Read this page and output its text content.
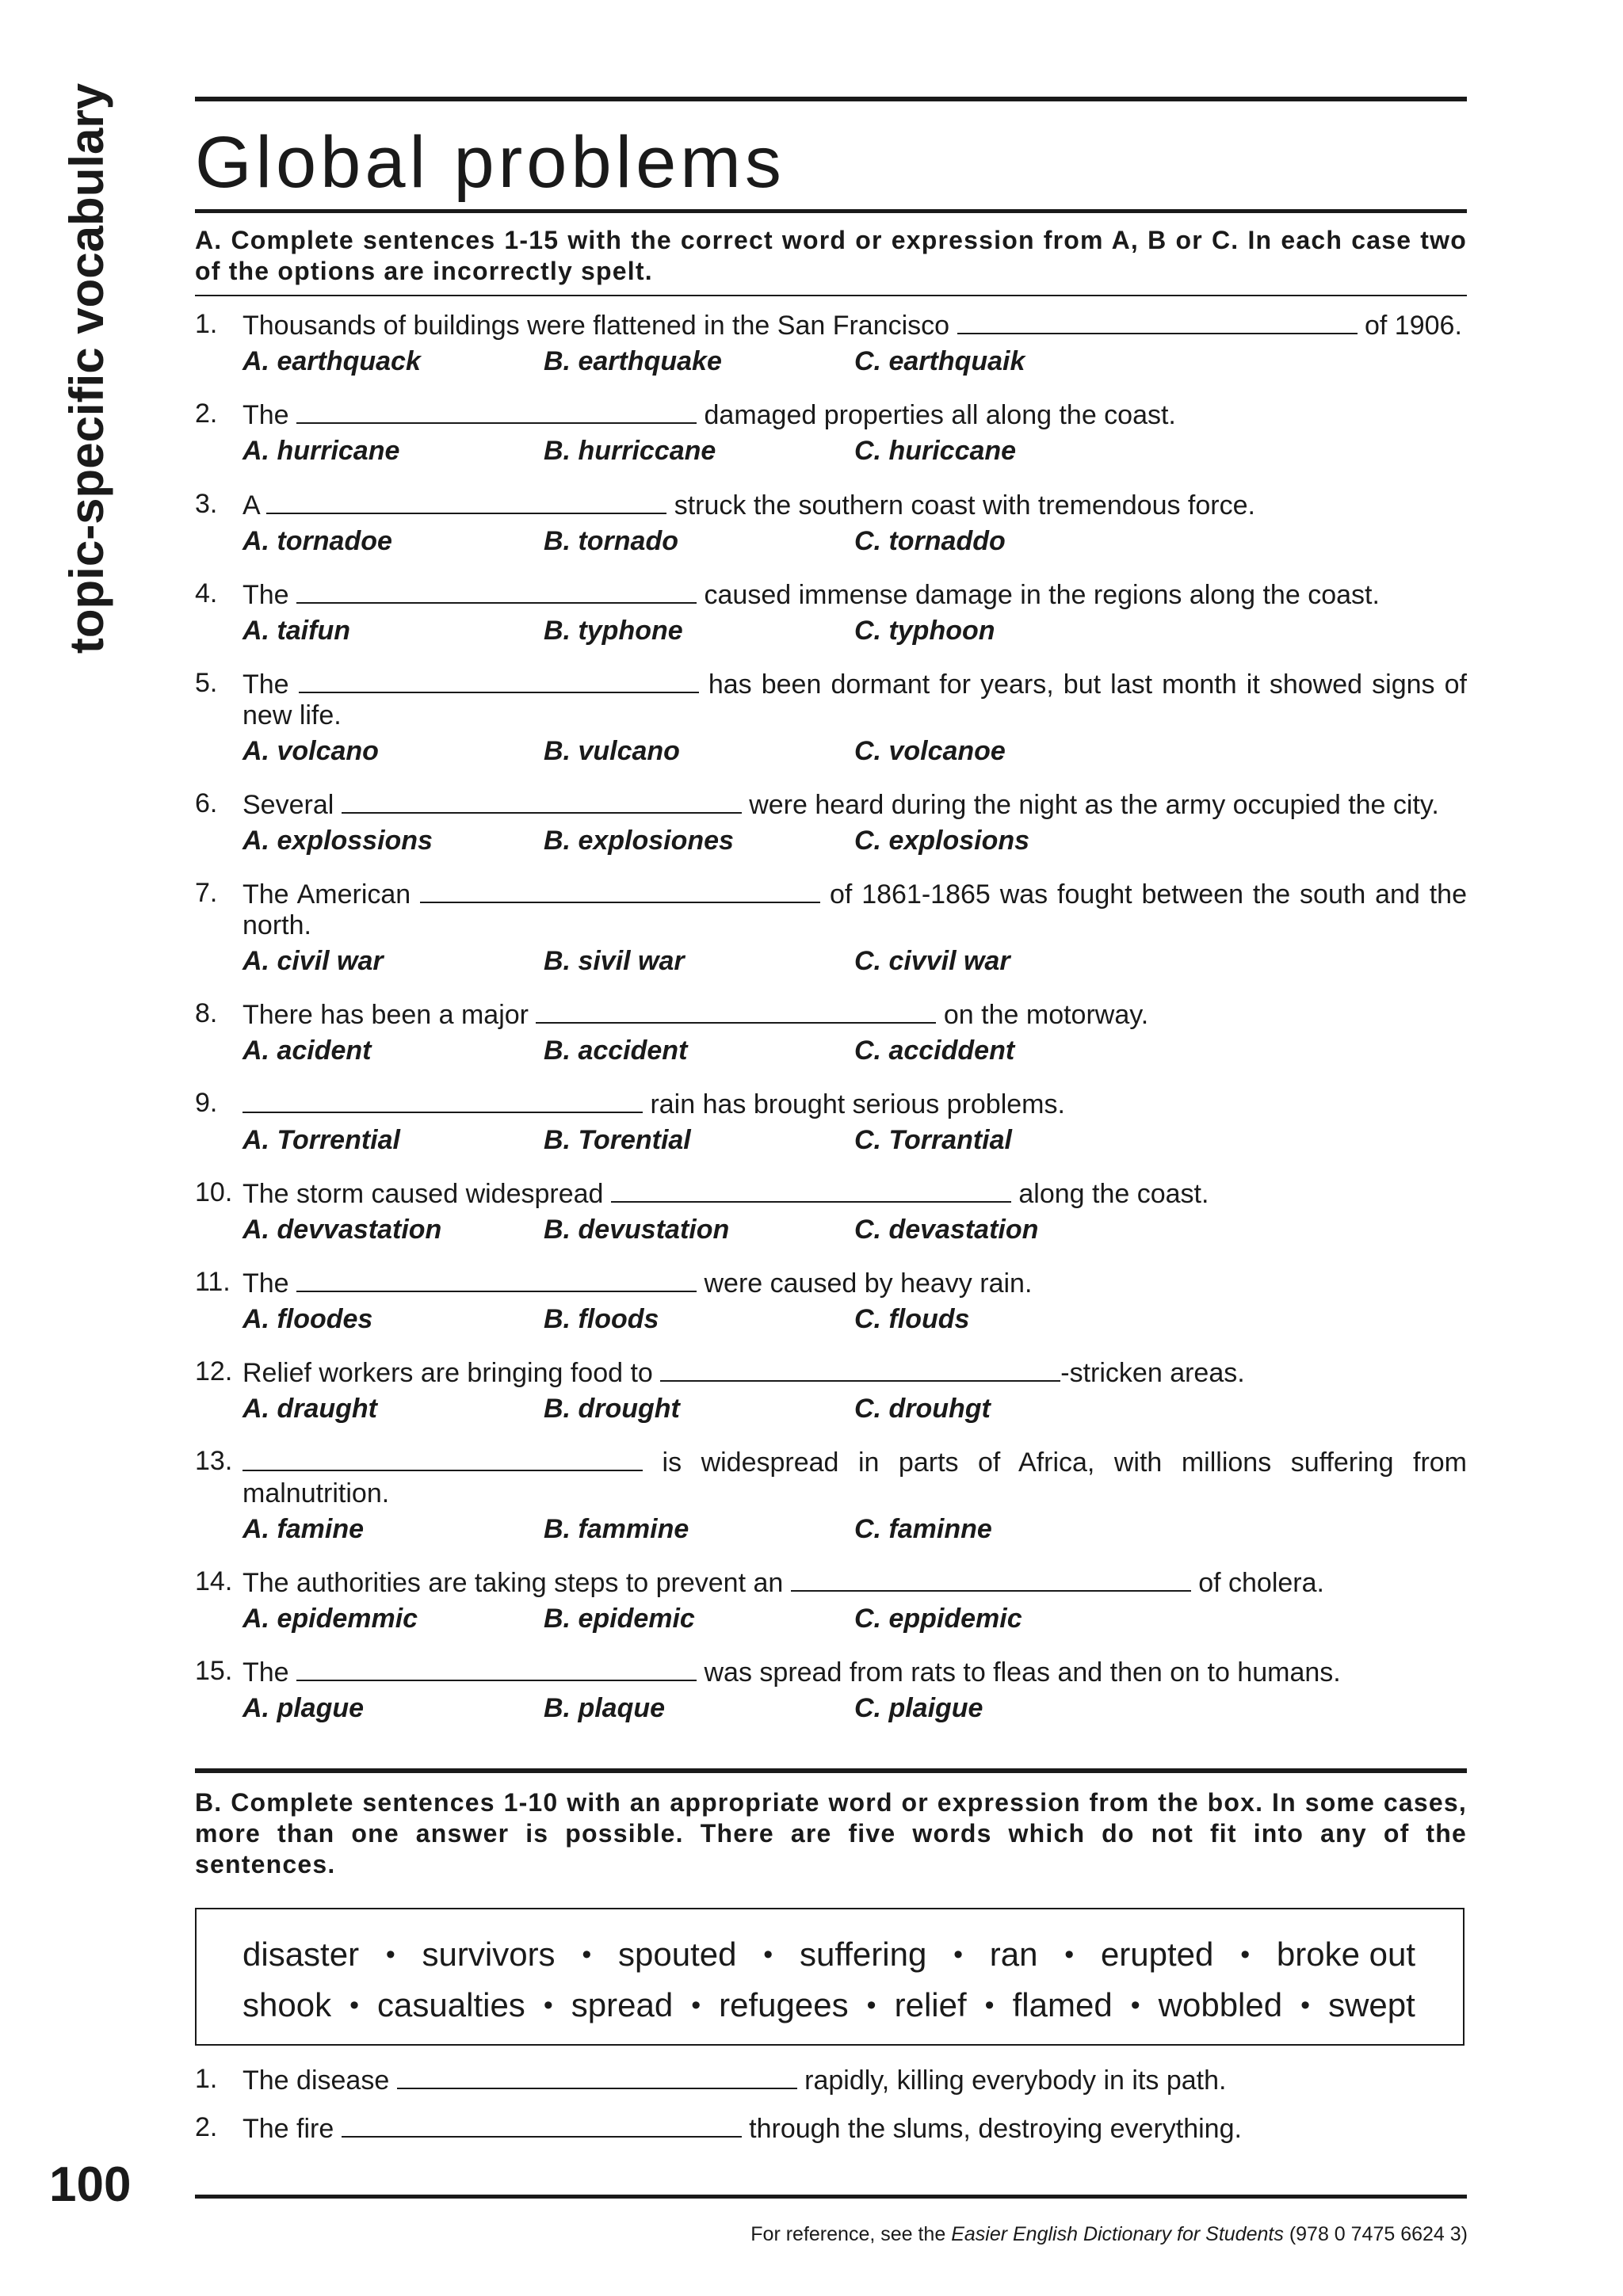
topic-specific vocabulary
100
Global problems
A. Complete sentences 1-15 with the correct word or expression from A, B or C. In each case two of the options are incorrectly spelt.
1. Thousands of buildings were flattened in the San Francisco	of 1906.
A. earthquack	B. earthquake	C. earthquaik
2. The	damaged properties all along the coast.
A. hurricane	B. hurriccane	C. huriccane
3. A	struck the southern coast with tremendous force.
A. tornadoe	B. tornado	C. tornaddo
4. The	caused immense damage in the regions along the coast.
A. taifun	B. typhone	C. typhoon
5. The	has been dormant for years, but last month it showed signs of new life.
A. volcano	B. vulcano	C. volcanoe
6. Several	were heard during the night as the army occupied the city.
A. explossions	B. explosiones	C. explosions
7. The American	of 1861-1865 was fought between the south and the north.
A. civil war	B. sivil war	C. civvil war
8. There has been a major	on the motorway.
A. acident	B. accident	C. acciddent
9.	rain has brought serious problems.
A. Torrential	B. Torential	C. Torrantial
10. The storm caused widespread	along the coast.
A. devvastation	B. devustation	C. devastation
11. The	were caused by heavy rain.
A. floodes	B. floods	C. flouds
12. Relief workers are bringing food to	-stricken areas.
A. draught	B. drought	C. drouhgt
13.	is widespread in parts of Africa, with millions suffering from malnutrition.
A. famine	B. fammine	C. faminne
14. The authorities are taking steps to prevent an	of cholera.
A. epidemmic	B. epidemic	C. eppidemic
15. The	was spread from rats to fleas and then on to humans.
A. plague	B. plaque	C. plaigue
B. Complete sentences 1-10 with an appropriate word or expression from the box. In some cases, more than one answer is possible. There are five words which do not fit into any of the sentences.
disaster • survivors • spouted • suffering • ran • erupted • broke out
shook • casualties • spread • refugees • relief • flamed • wobbled • swept
1. The disease	rapidly, killing everybody in its path.
2. The fire	through the slums, destroying everything.
For reference, see the Easier English Dictionary for Students (978 0 7475 6624 3)
